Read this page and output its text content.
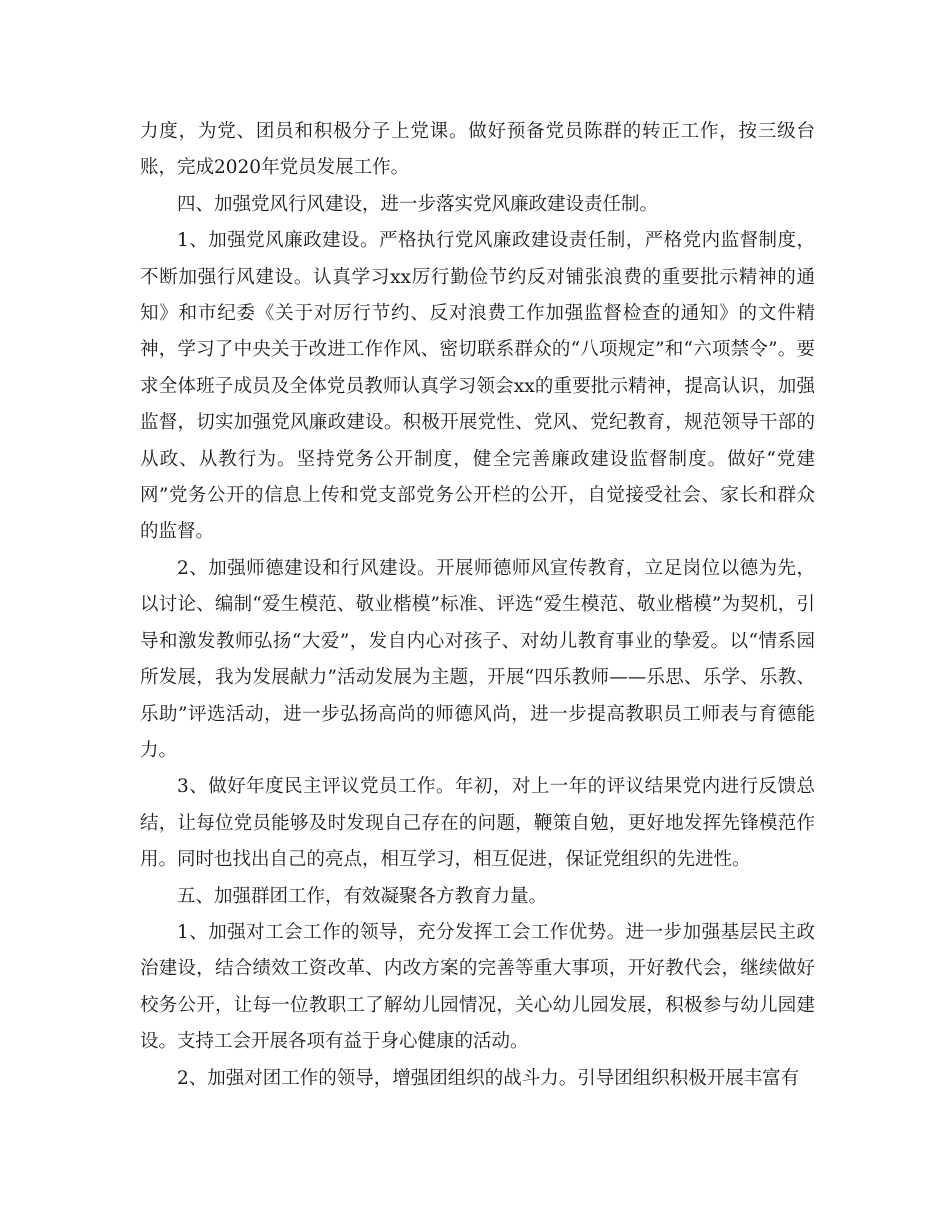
力度，为党、团员和积极分子上党课。做好预备党员陈群的转正工作，按三级台账，完成2020年党员发展工作。

四、加强党风行风建设，进一步落实党风廉政建设责任制。

1、加强党风廉政建设。严格执行党风廉政建设责任制，严格党内监督制度，不断加强行风建设。认真学习xx厉行勤俭节约反对铺张浪费的重要批示精神的通知》和市纪委《关于对厉行节约、反对浪费工作加强监督检查的通知》的文件精神，学习了中央关于改进工作作风、密切联系群众的“八项规定”和“六项禁令”。要求全体班子成员及全体党员教师认真学习领会xx的重要批示精神，提高认识，加强监督，切实加强党风廉政建设。积极开展党性、党风、党纪教育，规范领导干部的从政、从教行为。坚持党务公开制度，健全完善廉政建设监督制度。做好“党建网”党务公开的信息上传和党支部党务公开栏的公开，自觉接受社会、家长和群众的监督。

2、加强师德建设和行风建设。开展师德师风宣传教育，立足岗位以德为先，以讨论、编制“爱生模范、敬业楷模”标准、评选“爱生模范、敬业楷模”为契机，引导和激发教师弘扬“大爱”，发自内心对孩子、对幼儿教育事业的挚爱。以“情系园所发展，我为发展献力”活动发展为主题，开展“四乐教师——乐思、乐学、乐教、乐助”评选活动，进一步弘扬高尚的师德风尚，进一步提高教职员工师表与育德能力。

3、做好年度民主评议党员工作。年初，对上一年的评议结果党内进行反馈总结，让每位党员能够及时发现自己存在的问题，鞭策自勉，更好地发挥先锋模范作用。同时也找出自己的亮点，相互学习，相互促进，保证党组织的先进性。

五、加强群团工作，有效凝聚各方教育力量。

1、加强对工会工作的领导，充分发挥工会工作优势。进一步加强基层民主政治建设，结合绩效工资改革、内改方案的完善等重大事项，开好教代会，继续做好校务公开，让每一位教职工了解幼儿园情况，关心幼儿园发展，积极参与幼儿园建设。支持工会开展各项有益于身心健康的活动。

2、加强对团工作的领导，增强团组织的战斗力。引导团组织积极开展丰富有
